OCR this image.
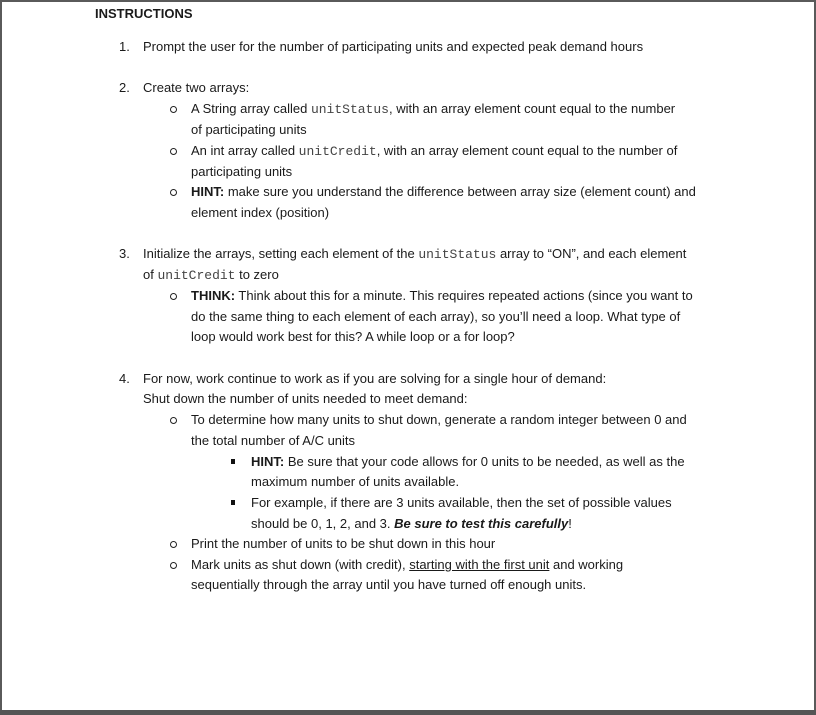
INSTRUCTIONS
1. Prompt the user for the number of participating units and expected peak demand hours
2. Create two arrays:
A String array called unitStatus, with an array element count equal to the number
of participating units
An int array called unitCredit, with an array element count equal to the number of
participating units
HINT: make sure you understand the difference between array size (element count) and
element index (position)
3. Initialize the arrays, setting each element of the unitStatus array to “ON”, and each element
of unitCredit to zero
THINK: Think about this for a minute. This requires repeated actions (since you want to
do the same thing to each element of each array), so you’ll need a loop. What type of
loop would work best for this? A while loop or a for loop?
4. For now, work continue to work as if you are solving for a single hour of demand:
Shut down the number of units needed to meet demand:
To determine how many units to shut down, generate a random integer between 0 and
the total number of A/C units
HINT: Be sure that your code allows for 0 units to be needed, as well as the
maximum number of units available.
For example, if there are 3 units available, then the set of possible values
should be 0, 1, 2, and 3. Be sure to test this carefully!
Print the number of units to be shut down in this hour
Mark units as shut down (with credit), starting with the first unit and working
sequentially through the array until you have turned off enough units.
